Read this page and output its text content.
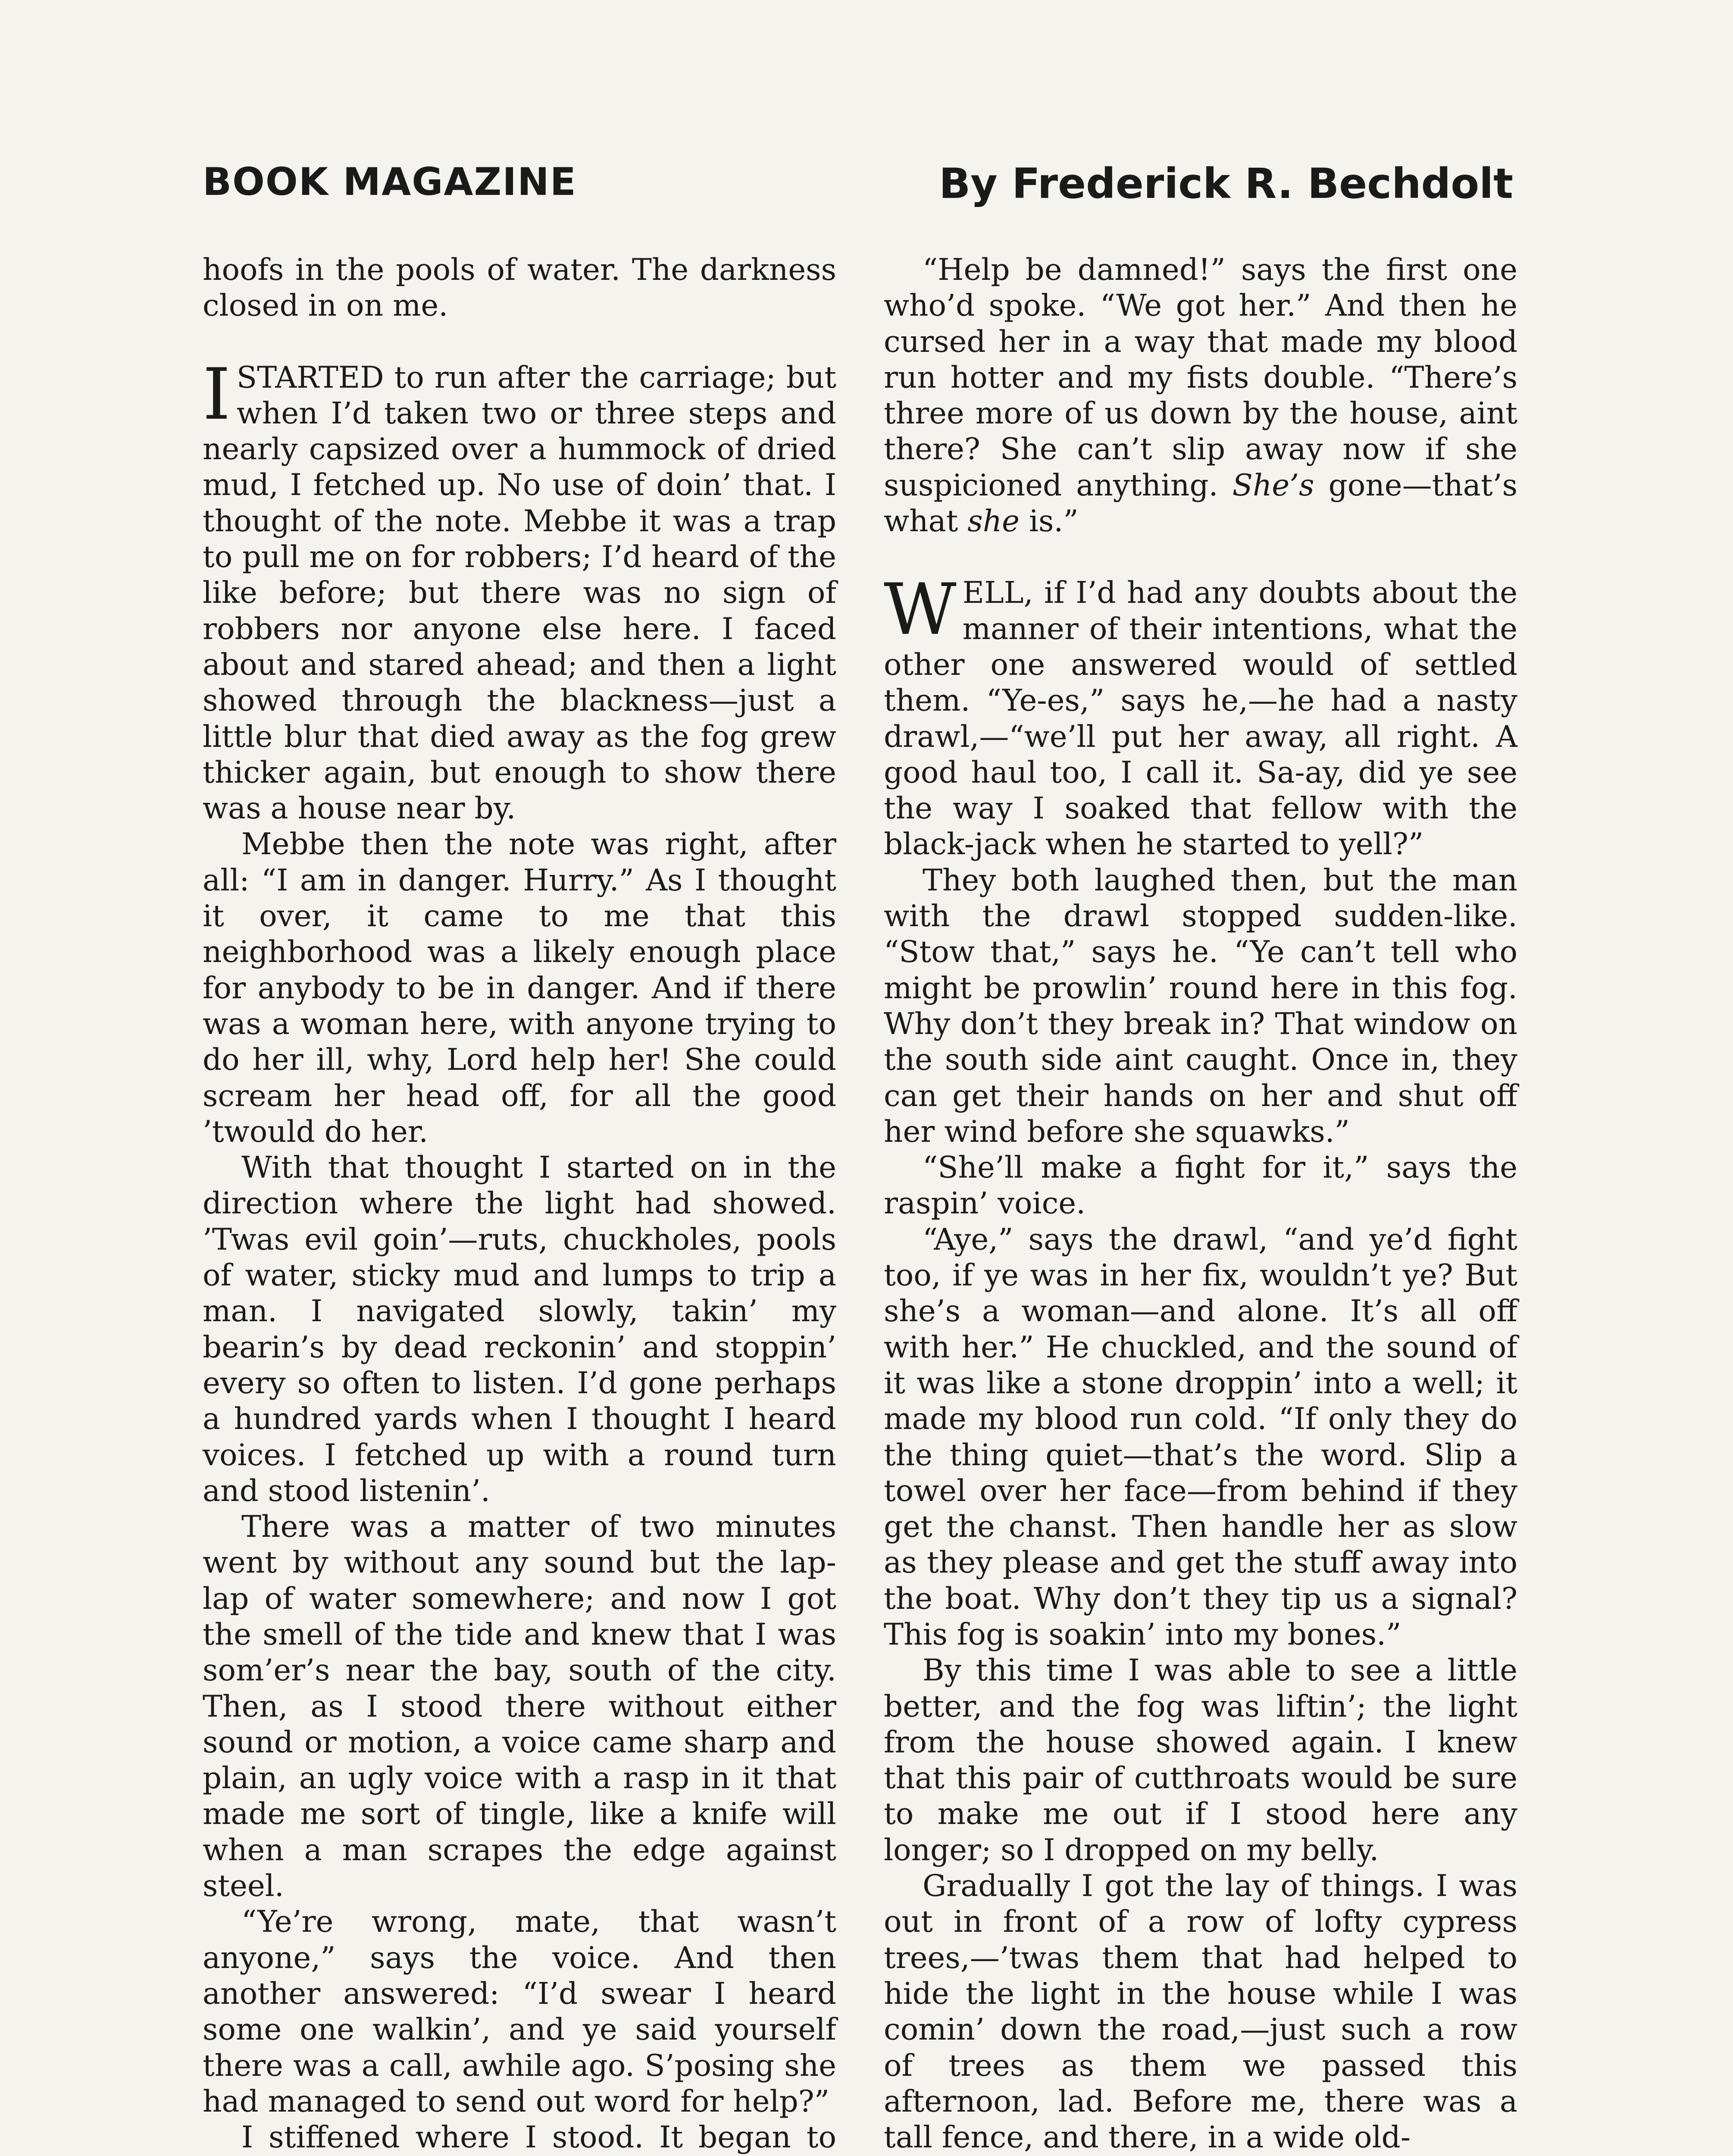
BOOK MAGAZINE	By Frederick R. Bechdolt

hoofs in the pools of water. The darkness closed in on me.

ISTARTED to run after the carriage; but when I’d taken two or three steps and nearly capsized over a hummock of dried mud, I fetched up. No use of doin’ that. I thought of the note. Mebbe it was a trap to pull me on for robbers; I’d heard of the like before; but there was no sign of robbers nor anyone else here. I faced about and stared ahead; and then a light showed through the blackness—just a little blur that died away as the fog grew thicker again, but enough to show there was a house near by.

Mebbe then the note was right, after all: “I am in danger. Hurry.” As I thought it over, it came to me that this neighborhood was a likely enough place for anybody to be in danger. And if there was a woman here, with anyone trying to do her ill, why, Lord help her! She could scream her head off, for all the good ’twould do her.

With that thought I started on in the direction where the light had showed. ’Twas evil goin’—ruts, chuckholes, pools of water, sticky mud and lumps to trip a man. I navigated slowly, takin’ my bearin’s by dead reckonin’ and stoppin’ every so often to listen. I’d gone perhaps a hundred yards when I thought I heard voices. I fetched up with a round turn and stood listenin’.

There was a matter of two minutes went by without any sound but the lap-lap of water somewhere; and now I got the smell of the tide and knew that I was som’er’s near the bay, south of the city. Then, as I stood there without either sound or motion, a voice came sharp and plain, an ugly voice with a rasp in it that made me sort of tingle, like a knife will when a man scrapes the edge against steel.

“Ye’re wrong, mate, that wasn’t anyone,” says the voice. And then another answered: “I’d swear I heard some one walkin’, and ye said yourself there was a call, awhile ago. S’posing she had managed to send out word for help?”

I stiffened where I stood. It began to

“Help be damned!” says the first one who’d spoke. “We got her.” And then he cursed her in a way that made my blood run hotter and my fists double. “There’s three more of us down by the house, aint there? She can’t slip away now if she suspicioned anything. She’s gone—that’s what she is.”

WELL, if I’d had any doubts about the manner of their intentions, what the other one answered would of settled them. “Ye-es,” says he,—he had a nasty drawl,—“we’ll put her away, all right. A good haul too, I call it. Sa-ay, did ye see the way I soaked that fellow with the black-jack when he started to yell?”

They both laughed then, but the man with the drawl stopped sudden-like. “Stow that,” says he. “Ye can’t tell who might be prowlin’ round here in this fog. Why don’t they break in? That window on the south side aint caught. Once in, they can get their hands on her and shut off her wind before she squawks.”

“She’ll make a fight for it,” says the raspin’ voice.

“Aye,” says the drawl, “and ye’d fight too, if ye was in her fix, wouldn’t ye? But she’s a woman—and alone. It’s all off with her.” He chuckled, and the sound of it was like a stone droppin’ into a well; it made my blood run cold. “If only they do the thing quiet—that’s the word. Slip a towel over her face—from behind if they get the chanst. Then handle her as slow as they please and get the stuff away into the boat. Why don’t they tip us a signal? This fog is soakin’ into my bones.”

By this time I was able to see a little better, and the fog was liftin’; the light from the house showed again. I knew that this pair of cutthroats would be sure to make me out if I stood here any longer; so I dropped on my belly.

Gradually I got the lay of things. I was out in front of a row of lofty cypress trees,—’twas them that had helped to hide the light in the house while I was comin’ down the road,—just such a row of trees as them we passed this afternoon, lad. Before me, there was a tall fence, and there, in a wide old-
